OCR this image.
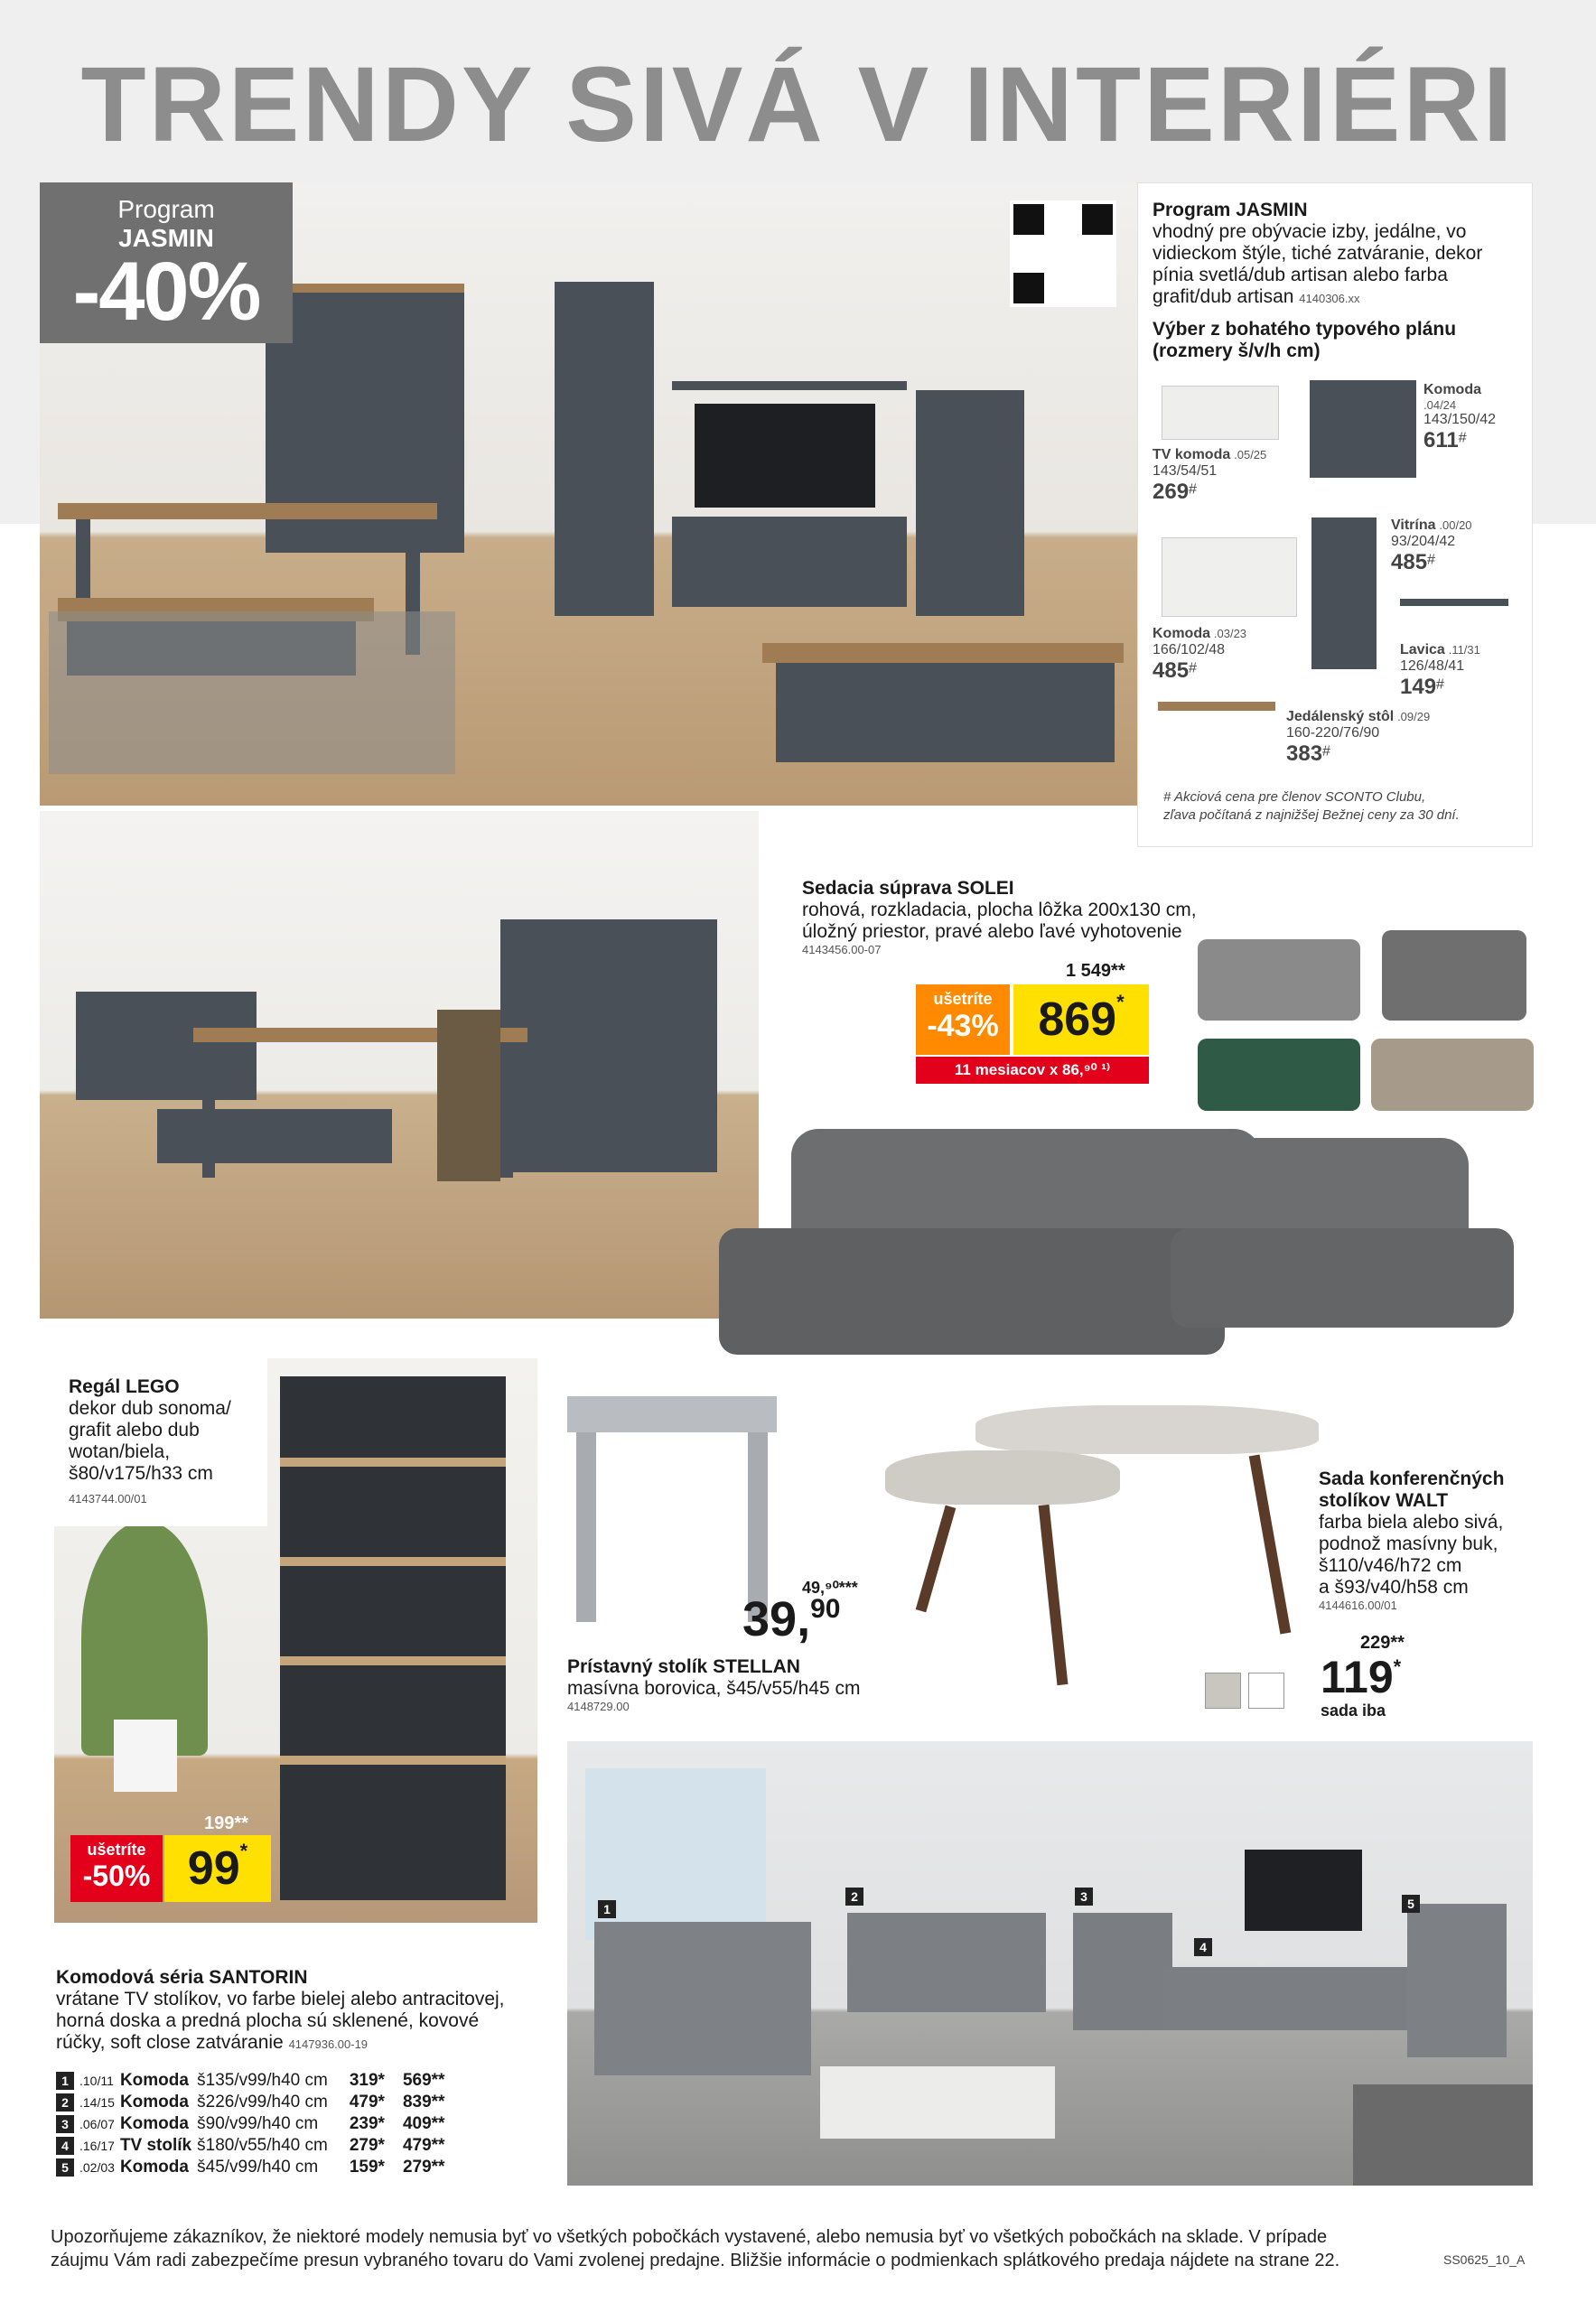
TRENDY SIVÁ V INTERIÉRI
Program
JASMIN
-40%
Program JASMIN
vhodný pre obývacie izby, jedálne, vo vidieckom štýle, tiché zatváranie, dekor pínia svetlá/dub artisan alebo farba grafit/dub artisan 4140306.xx
Výber z bohatého typového plánu (rozmery š/v/h cm)
TV komoda .05/25
143/54/51
269#
Komoda
.04/24
143/150/42
611#
Vitrína .00/20
93/204/42
485#
Komoda .03/23
166/102/48
485#
Lavica .11/31
126/48/41
149#
Jedálenský stôl .09/29
160-220/76/90
383#
# Akciová cena pre členov SCONTO Clubu,
zľava počítaná z najnižšej Bežnej ceny za 30 dní.
Sedacia súprava SOLEI
rohová, rozkladacia, plocha lôžka 200x130 cm,
úložný priestor, pravé alebo ľavé vyhotovenie
4143456.00-07
1 549**
ušetríte
-43% 869*
11 mesiacov x 86,⁹⁰ ¹⁾
Regál LEGO
dekor dub sonoma/
grafit alebo dub
wotan/biela,
š80/v175/h33 cm
4143744.00/01
199**
ušetríte
-50% 99*
49,⁹⁰***
39,90
Prístavný stolík STELLAN
masívna borovica, š45/v55/h45 cm
4148729.00
Sada konferenčných
stolíkov WALT
farba biela alebo sivá,
podnož masívny buk,
š110/v46/h72 cm
a š93/v40/h58 cm
4144616.00/01
229**
119*
sada iba
1
2	3
4
5
Komodová séria SANTORIN
vrátane TV stolíkov, vo farbe bielej alebo antracitovej,
horná doska a predná plocha sú sklenené, kovové
rúčky, soft close zatváranie 4147936.00-19
1	.10/11	Komoda	š135/v99/h40 cm	319*	569**
2	.14/15	Komoda	š226/v99/h40 cm	479*	839**
3	.06/07	Komoda	š90/v99/h40 cm	239*	409**
4	.16/17	TV stolík	š180/v55/h40 cm	279*	479**
5	.02/03	Komoda	š45/v99/h40 cm	159*	279**
Upozorňujeme zákazníkov, že niektoré modely nemusia byť vo všetkých pobočkách vystavené, alebo nemusia byť vo všetkých pobočkách na sklade. V prípade
záujmu Vám radi zabezpečíme presun vybraného tovaru do Vami zvolenej predajne. Bližšie informácie o podmienkach splátkového predaja nájdete na strane 22.	SS0625_10_A
